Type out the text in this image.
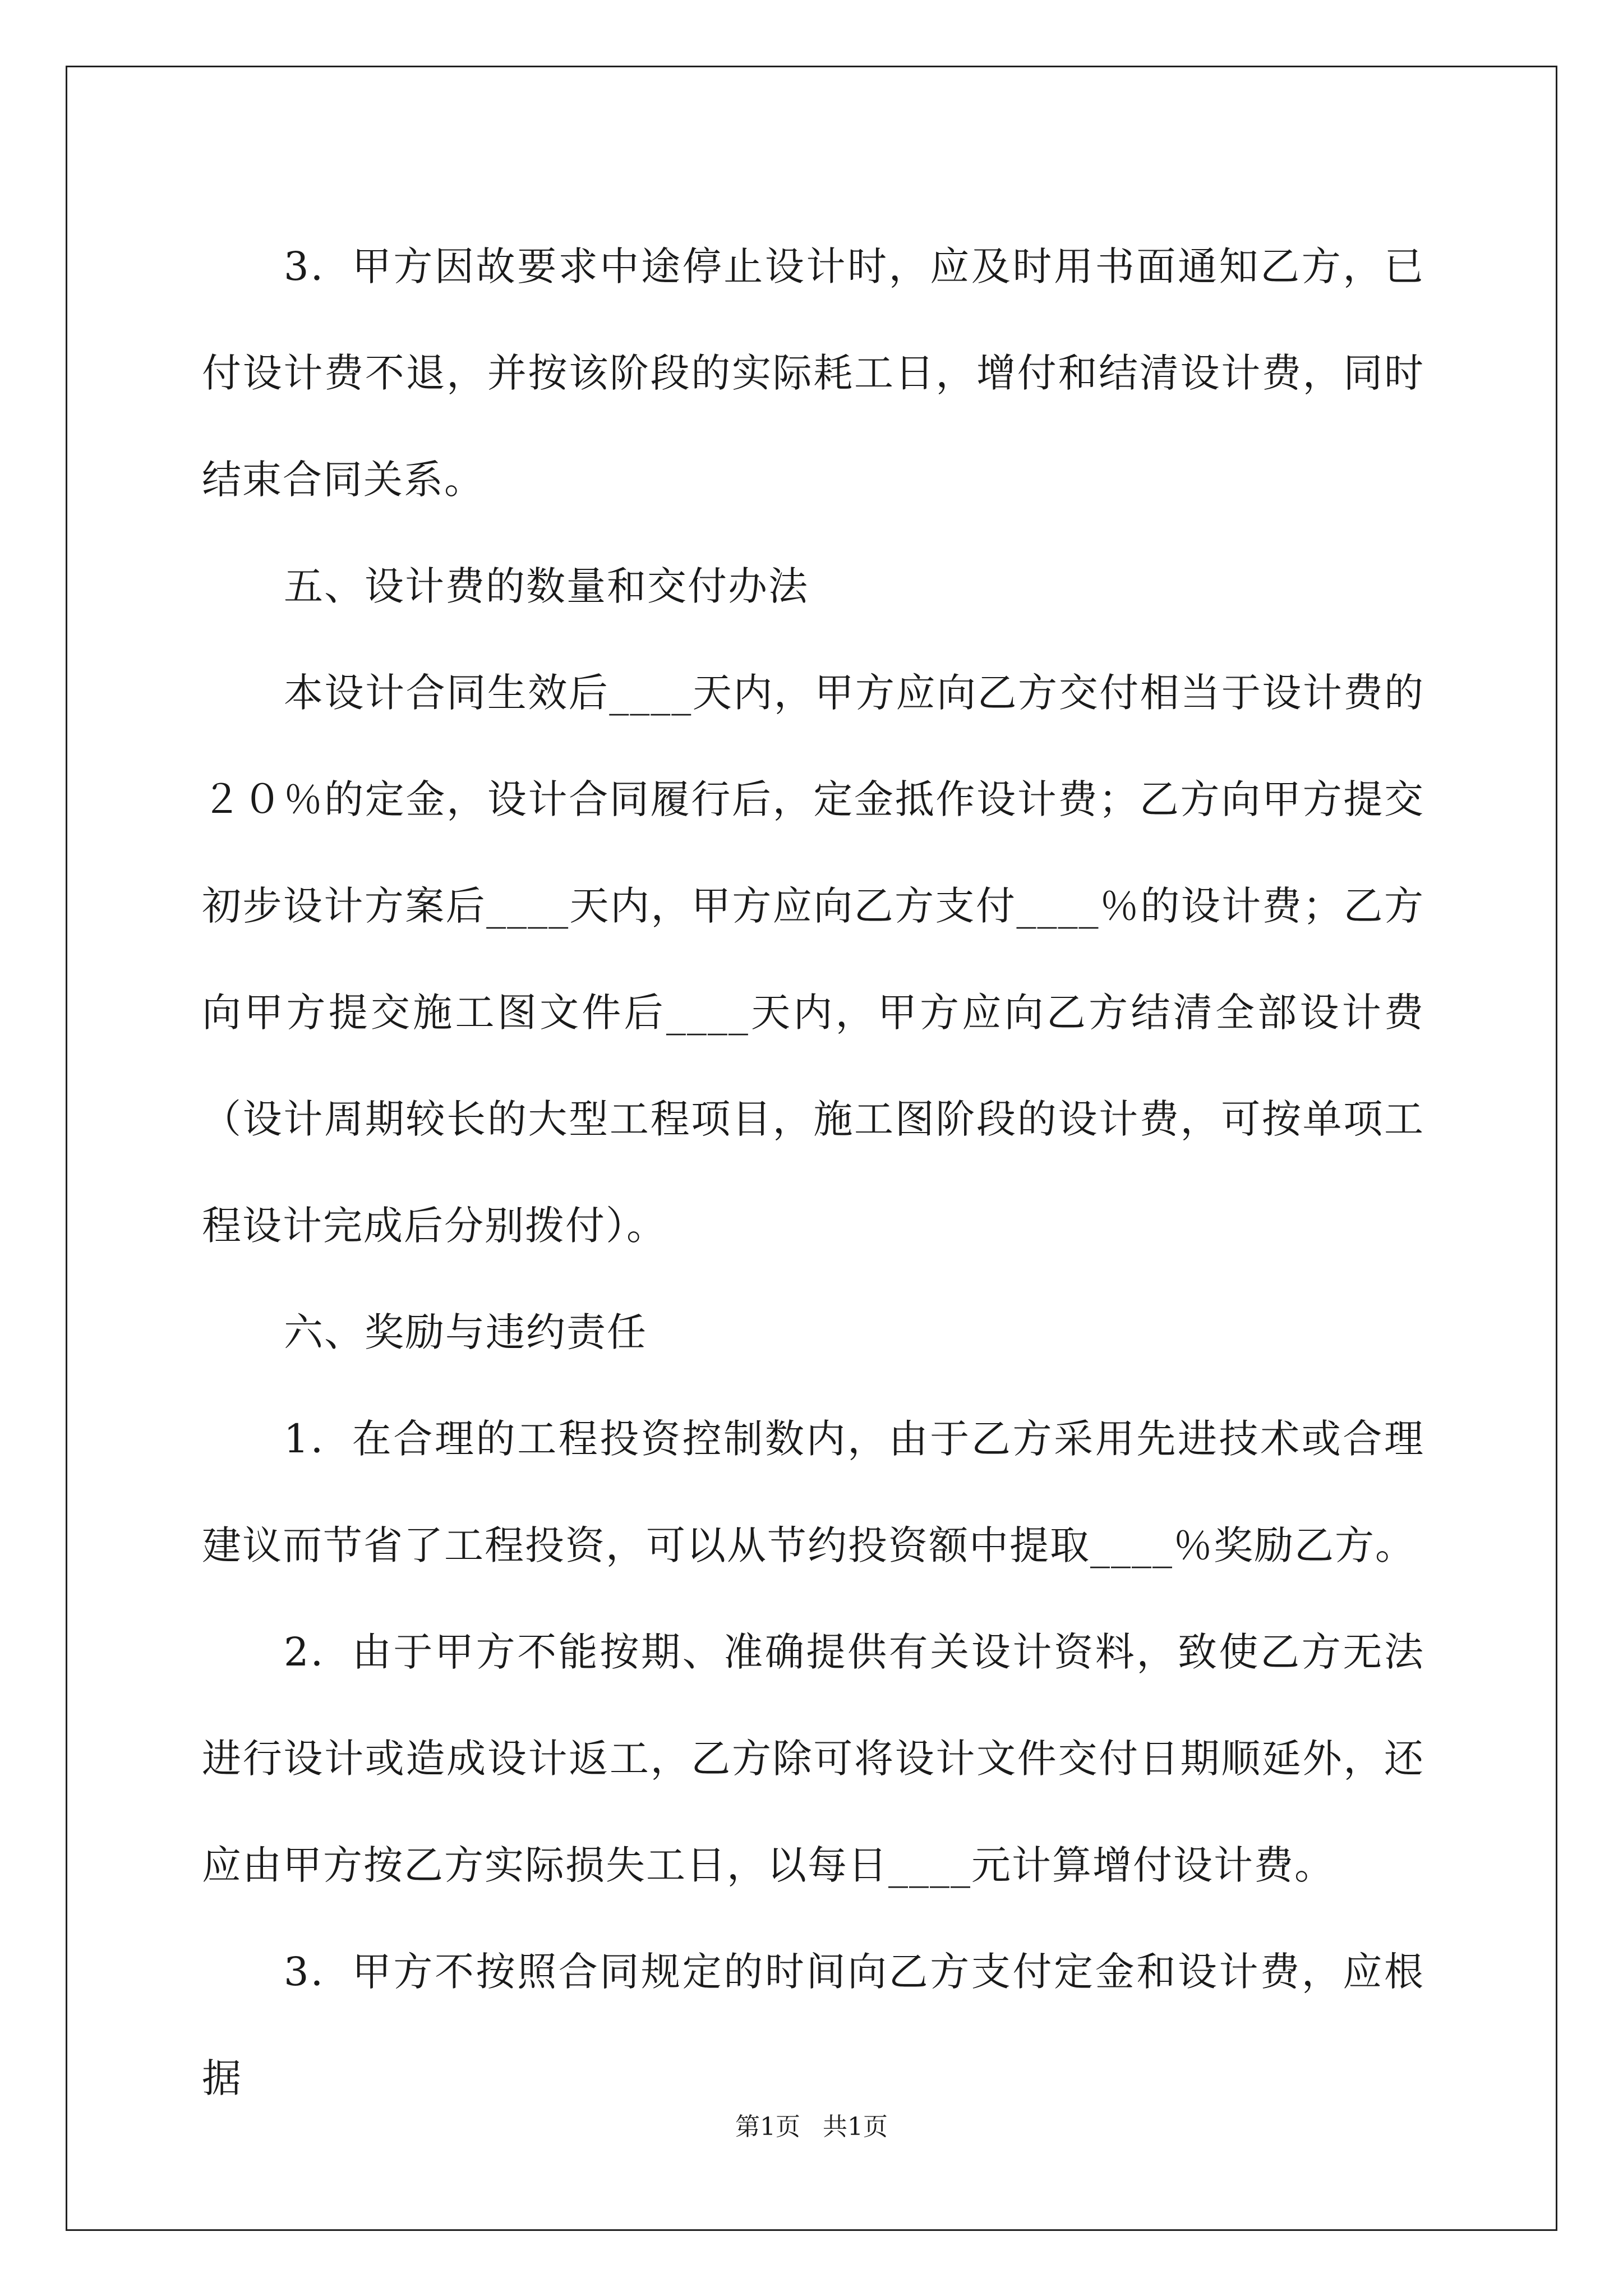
3．甲方因故要求中途停止设计时，应及时用书面通知乙方，已付设计费不退，并按该阶段的实际耗工日，增付和结清设计费，同时结束合同关系。

五、设计费的数量和交付办法

本设计合同生效后____天内，甲方应向乙方交付相当于设计费的２０％的定金，设计合同履行后，定金抵作设计费；乙方向甲方提交初步设计方案后____天内，甲方应向乙方支付____％的设计费；乙方向甲方提交施工图文件后____天内，甲方应向乙方结清全部设计费（设计周期较长的大型工程项目，施工图阶段的设计费，可按单项工程设计完成后分别拨付）。

六、奖励与违约责任

1．在合理的工程投资控制数内，由于乙方采用先进技术或合理建议而节省了工程投资，可以从节约投资额中提取____％奖励乙方。

2．由于甲方不能按期、准确提供有关设计资料，致使乙方无法进行设计或造成设计返工，乙方除可将设计文件交付日期顺延外，还应由甲方按乙方实际损失工日，以每日____元计算增付设计费。

3．甲方不按照合同规定的时间向乙方支付定金和设计费，应根据

第1页 共1页
